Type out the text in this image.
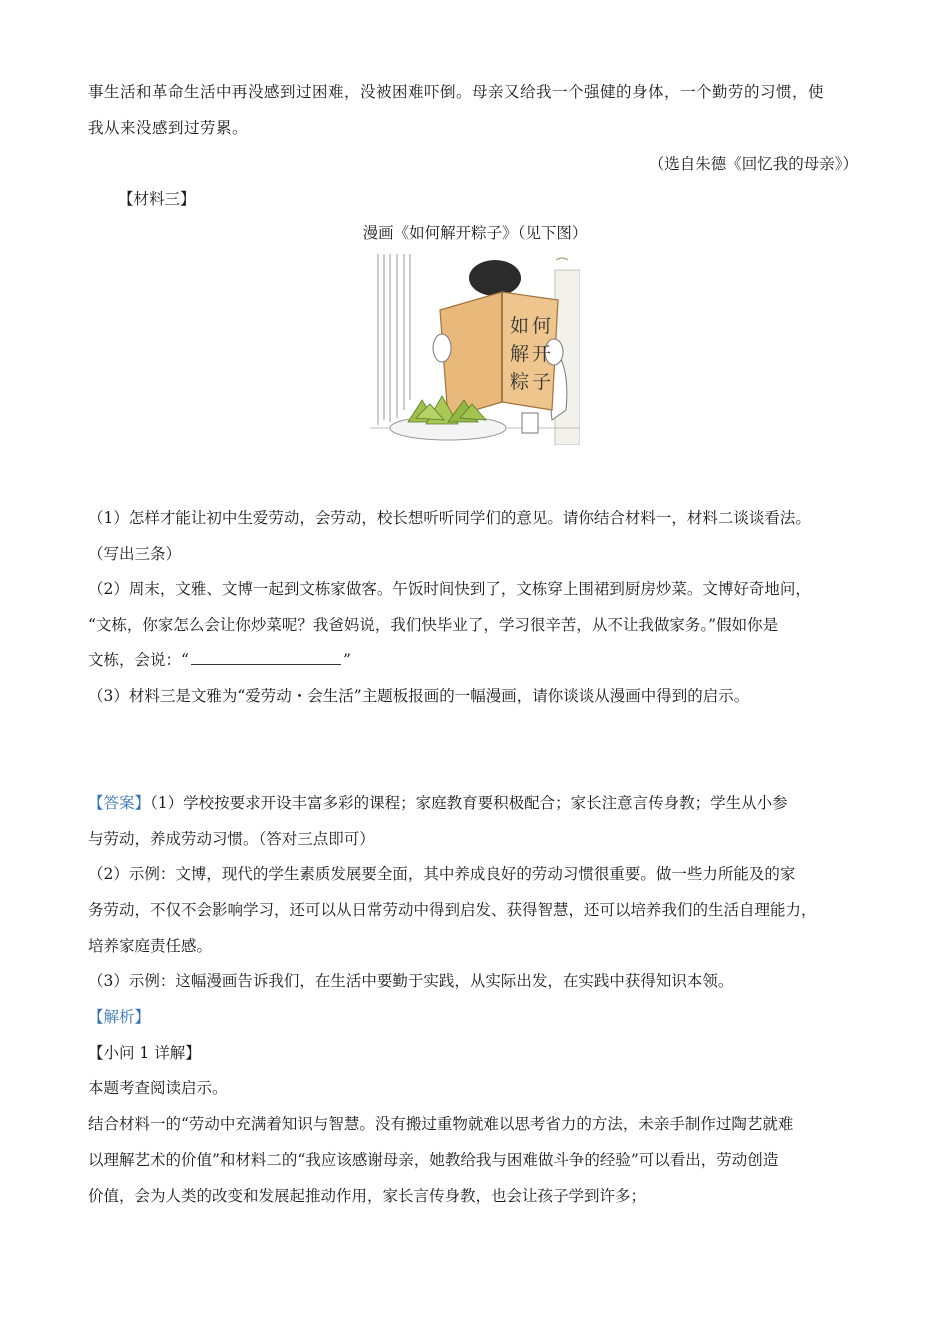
事生活和革命生活中再没感到过困难，没被困难吓倒。母亲又给我一个强健的身体，一个勤劳的习惯，使
我从来没感到过劳累。
（选自朱德《回忆我的母亲》）
【材料三】
漫画《如何解开粽子》（见下图）
如 何
解 开
粽 子
（1）怎样才能让初中生爱劳动，会劳动，校长想听听同学们的意见。请你结合材料一，材料二谈谈看法。
（写出三条）
（2）周末，文雅、文博一起到文栋家做客。午饭时间快到了，文栋穿上围裙到厨房炒菜。文博好奇地问，
“文栋，你家怎么会让你炒菜呢？我爸妈说，我们快毕业了，学习很辛苦，从不让我做家务。”假如你是
文栋，会说：“	”
（3）材料三是文雅为“爱劳动・会生活”主题板报画的一幅漫画，请你谈谈从漫画中得到的启示。
【答案】（1）学校按要求开设丰富多彩的课程；家庭教育要积极配合；家长注意言传身教；学生从小参
与劳动，养成劳动习惯。（答对三点即可）
（2）示例：文博，现代的学生素质发展要全面，其中养成良好的劳动习惯很重要。做一些力所能及的家
务劳动，不仅不会影响学习，还可以从日常劳动中得到启发、获得智慧，还可以培养我们的生活自理能力，
培养家庭责任感。
（3）示例：这幅漫画告诉我们，在生活中要勤于实践，从实际出发，在实践中获得知识本领。
【解析】
【小问 1 详解】
本题考查阅读启示。
结合材料一的“劳动中充满着知识与智慧。没有搬过重物就难以思考省力的方法，未亲手制作过陶艺就难
以理解艺术的价值”和材料二的“我应该感谢母亲，她教给我与困难做斗争的经验”可以看出，劳动创造
价值，会为人类的改变和发展起推动作用，家长言传身教，也会让孩子学到许多；
